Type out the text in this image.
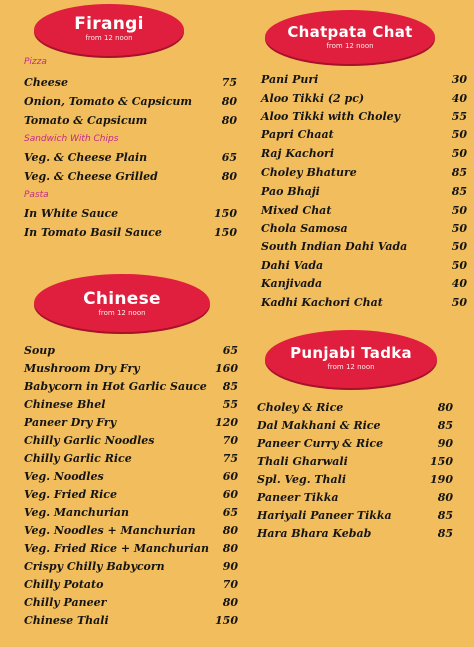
Firangi
from 12 noon
Pizza
Cheese	75
Onion, Tomato & Capsicum	80
Tomato & Capsicum	80
Sandwich With Chips
Veg. & Cheese Plain	65
Veg. & Cheese Grilled	80
Pasta
In White Sauce	150
In Tomato Basil Sauce	150
Chinese
from 12 noon
Soup	65
Mushroom Dry Fry	160
Babycorn in Hot Garlic Sauce	85
Chinese Bhel	55
Paneer Dry Fry	120
Chilly Garlic Noodles	70
Chilly Garlic Rice	75
Veg. Noodles	60
Veg. Fried Rice	60
Veg. Manchurian	65
Veg. Noodles + Manchurian	80
Veg. Fried Rice + Manchurian	80
Crispy Chilly Babycorn	90
Chilly Potato	70
Chilly Paneer	80
Chinese Thali	150
Chatpata Chat
from 12 noon
Pani Puri	30
Aloo Tikki (2 pc)	40
Aloo Tikki with Choley	55
Papri Chaat	50
Raj Kachori	50
Choley Bhature	85
Pao Bhaji	85
Mixed Chat	50
Chola Samosa	50
South Indian Dahi Vada	50
Dahi Vada	50
Kanjivada	40
Kadhi Kachori Chat	50
Punjabi Tadka
from 12 noon
Choley & Rice	80
Dal Makhani & Rice	85
Paneer Curry & Rice	90
Thali Gharwali	150
Spl. Veg. Thali	190
Paneer Tikka	80
Hariyali Paneer Tikka	85
Hara Bhara Kebab	85
